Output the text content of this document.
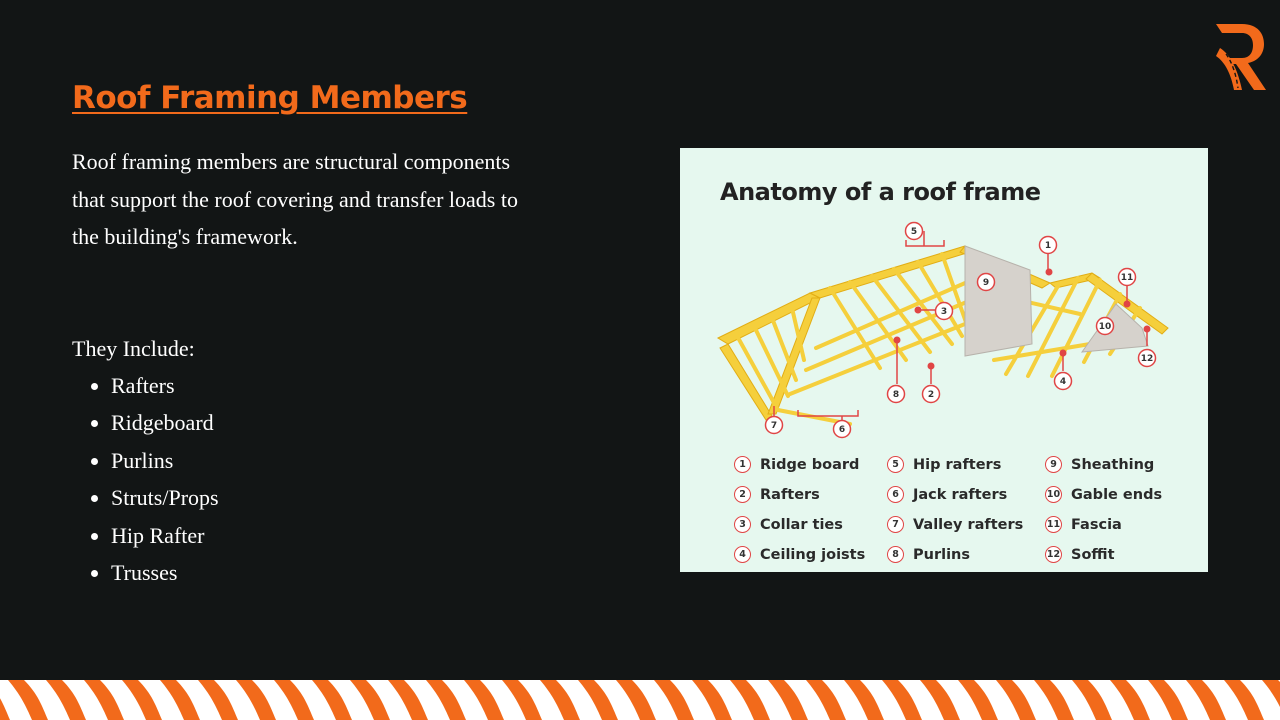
Roof Framing Members

Roof framing members are structural components that support the roof covering and transfer loads to the building's framework.

They Include:

• Rafters
• Ridgeboard
• Purlins
• Struts/Props
• Hip Rafter
• Trusses
5
1
11
9
3
10
12
8	2
4
7	6
Anatomy of a roof frame
1 Ridge board
2 Rafters
3 Collar ties
4 Ceiling joists
5 Hip rafters
6 Jack rafters
7 Valley rafters
8 Purlins
9 Sheathing
10 Gable ends
11 Fascia
12 Soffit
